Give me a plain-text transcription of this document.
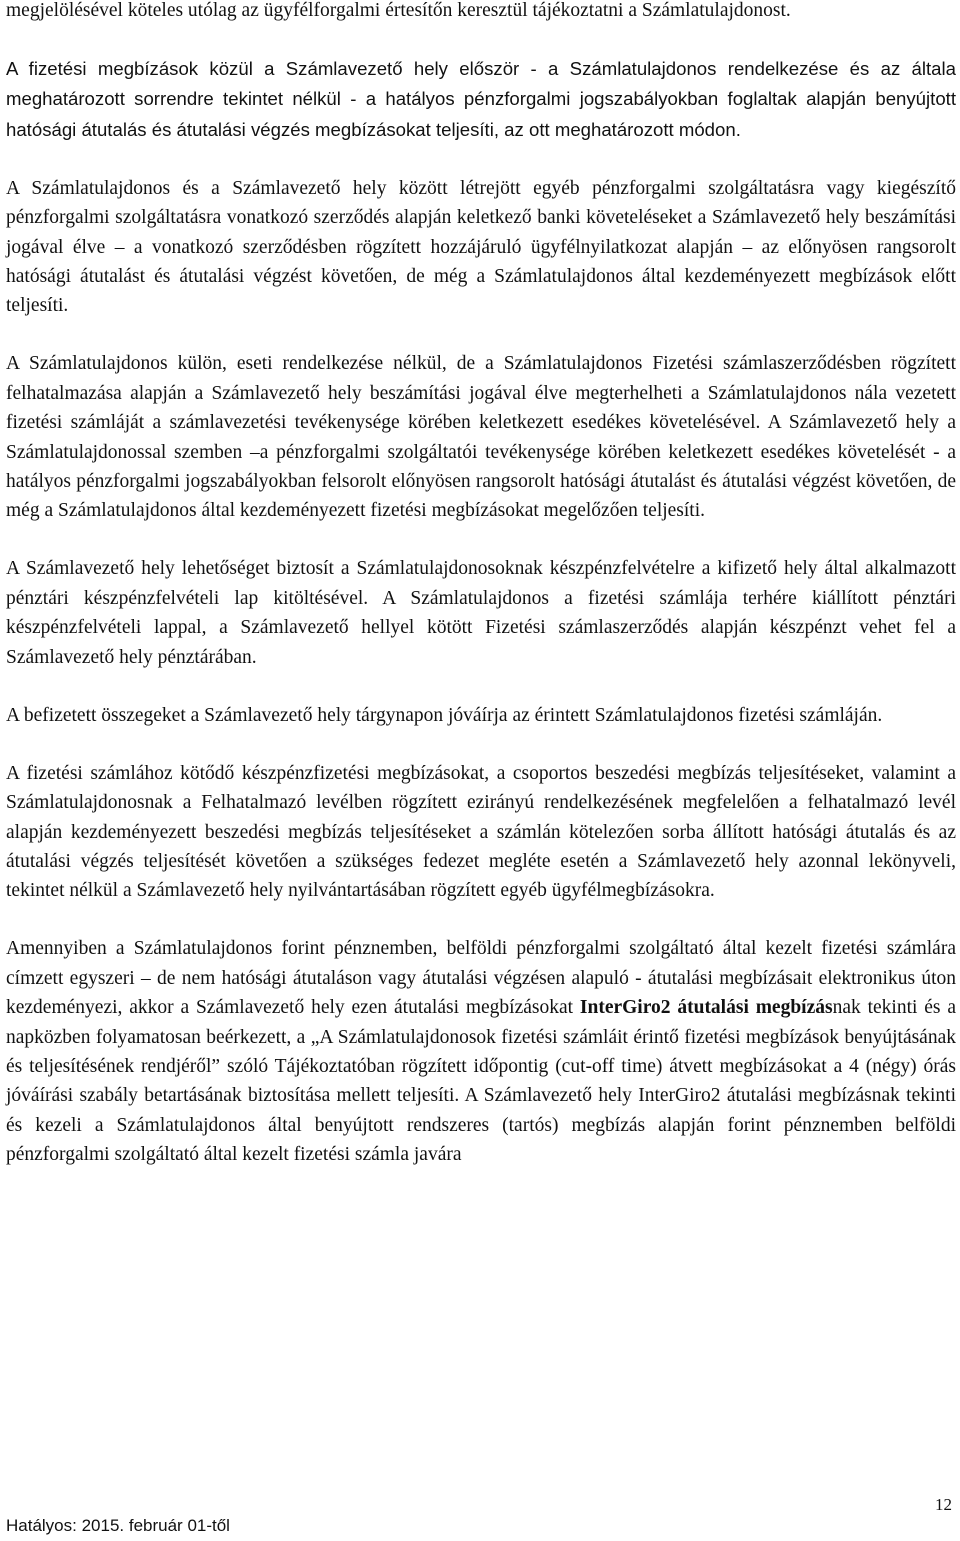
megjelölésével köteles utólag az ügyfélforgalmi értesítőn keresztül tájékoztatni a Számlatulajdonost.

A fizetési megbízások közül a Számlavezető hely először - a Számlatulajdonos rendelkezése és az általa meghatározott sorrendre tekintet nélkül - a hatályos pénzforgalmi jogszabályokban foglaltak alapján benyújtott hatósági átutalás és átutalási végzés megbízásokat teljesíti, az ott meghatározott módon.

A Számlatulajdonos és a Számlavezető hely között létrejött egyéb pénzforgalmi szolgáltatásra vagy kiegészítő pénzforgalmi szolgáltatásra vonatkozó szerződés alapján keletkező banki követeléseket a Számlavezető hely beszámítási jogával élve – a vonatkozó szerződésben rögzített hozzájáruló ügyfélnyilatkozat alapján – az előnyösen rangsorolt hatósági átutalást és átutalási végzést követően, de még a Számlatulajdonos által kezdeményezett megbízások előtt teljesíti.

A Számlatulajdonos külön, eseti rendelkezése nélkül, de a Számlatulajdonos Fizetési számlaszerződésben rögzített felhatalmazása alapján a Számlavezető hely beszámítási jogával élve megterhelheti a Számlatulajdonos nála vezetett fizetési számláját a számlavezetési tevékenysége körében keletkezett esedékes követelésével. A Számlavezető hely a Számlatulajdonossal szemben –a pénzforgalmi szolgáltatói tevékenysége körében keletkezett esedékes követelését - a hatályos pénzforgalmi jogszabályokban felsorolt előnyösen rangsorolt hatósági átutalást és átutalási végzést követően, de még a Számlatulajdonos által kezdeményezett fizetési megbízásokat megelőzően teljesíti.

A Számlavezető hely lehetőséget biztosít a Számlatulajdonosoknak készpénzfelvételre a kifizető hely által alkalmazott pénztári készpénzfelvételi lap kitöltésével. A Számlatulajdonos a fizetési számlája terhére kiállított pénztári készpénzfelvételi lappal, a Számlavezető hellyel kötött Fizetési számlaszerződés alapján készpénzt vehet fel a Számlavezető hely pénztárában.

A befizetett összegeket a Számlavezető hely tárgynapon jóváírja az érintett Számlatulajdonos fizetési számláján.

A fizetési számlához kötődő készpénzfizetési megbízásokat, a csoportos beszedési megbízás teljesítéseket, valamint a Számlatulajdonosnak a Felhatalmazó levélben rögzített ezirányú rendelkezésének megfelelően a felhatalmazó levél alapján kezdeményezett beszedési megbízás teljesítéseket a számlán kötelezően sorba állított hatósági átutalás és az átutalási végzés teljesítését követően a szükséges fedezet megléte esetén a Számlavezető hely azonnal lekönyveli, tekintet nélkül a Számlavezető hely nyilvántartásában rögzített egyéb ügyfélmegbízásokra.

Amennyiben a Számlatulajdonos forint pénznemben, belföldi pénzforgalmi szolgáltató által kezelt fizetési számlára címzett egyszeri – de nem hatósági átutaláson vagy átutalási végzésen alapuló - átutalási megbízásait elektronikus úton kezdeményezi, akkor a Számlavezető hely ezen átutalási megbízásokat InterGiro2 átutalási megbízásnak tekinti és a napközben folyamatosan beérkezett, a „A Számlatulajdonosok fizetési számláit érintő fizetési megbízások benyújtásának és teljesítésének rendjéről” szóló Tájékoztatóban rögzített időpontig (cut-off time) átvett megbízásokat a 4 (négy) órás jóváírási szabály betartásának biztosítása mellett teljesíti. A Számlavezető hely InterGiro2 átutalási megbízásnak tekinti és kezeli a Számlatulajdonos által benyújtott rendszeres (tartós) megbízás alapján forint pénznemben belföldi pénzforgalmi szolgáltató által kezelt fizetési számla javára

12
Hatályos: 2015. február 01-től
